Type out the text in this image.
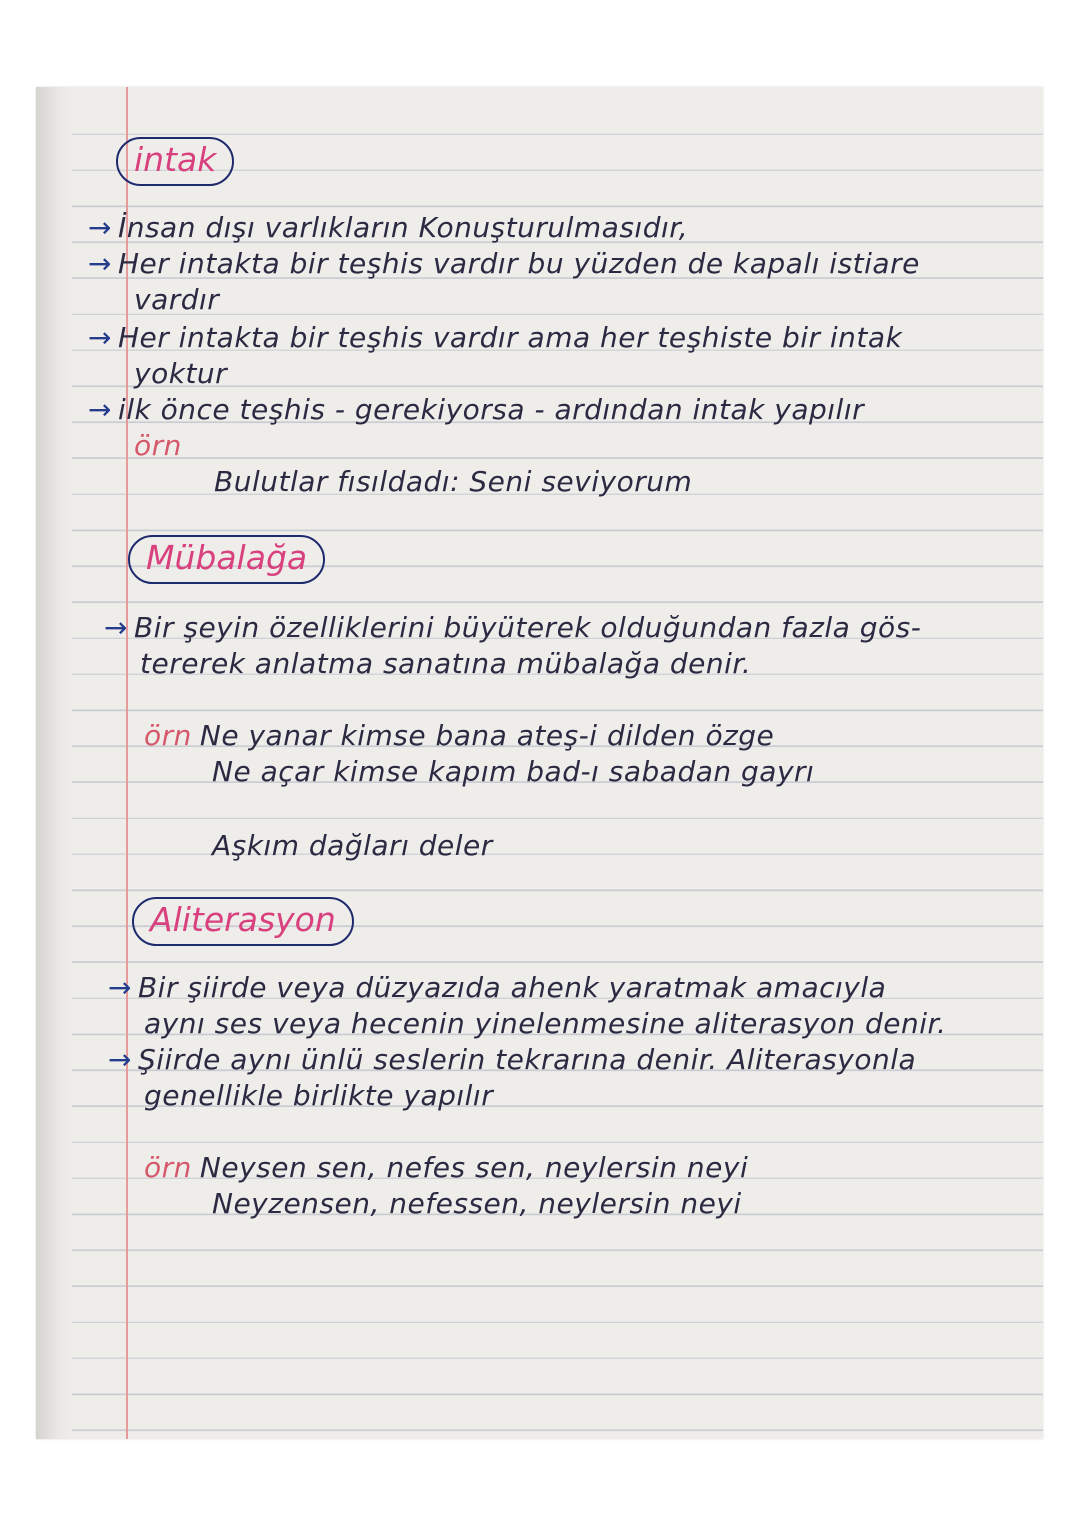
intak
→ İnsan dışı varlıkların Konuşturulmasıdır,
→ Her intakta bir teşhis vardır bu yüzden de kapalı istiare
vardır
→ Her intakta bir teşhis vardır ama her teşhiste bir intak
yoktur
→ ilk önce teşhis - gerekiyorsa - ardından intak yapılır
örn
Bulutlar fısıldadı: Seni seviyorum
Mübalağa
→ Bir şeyin özelliklerini büyüterek olduğundan fazla gös-
tererek anlatma sanatına mübalağa denir.
örn Ne yanar kimse bana ateş-i dilden özge
Ne açar kimse kapım bad-ı sabadan gayrı
Aşkım dağları deler
Aliterasyon
→ Bir şiirde veya düzyazıda ahenk yaratmak amacıyla
aynı ses veya hecenin yinelenmesine aliterasyon denir.
→ Şiirde aynı ünlü seslerin tekrarına denir. Aliterasyonla
genellikle birlikte yapılır
örn Neysen sen, nefes sen, neylersin neyi
Neyzensen, nefessen, neylersin neyi
